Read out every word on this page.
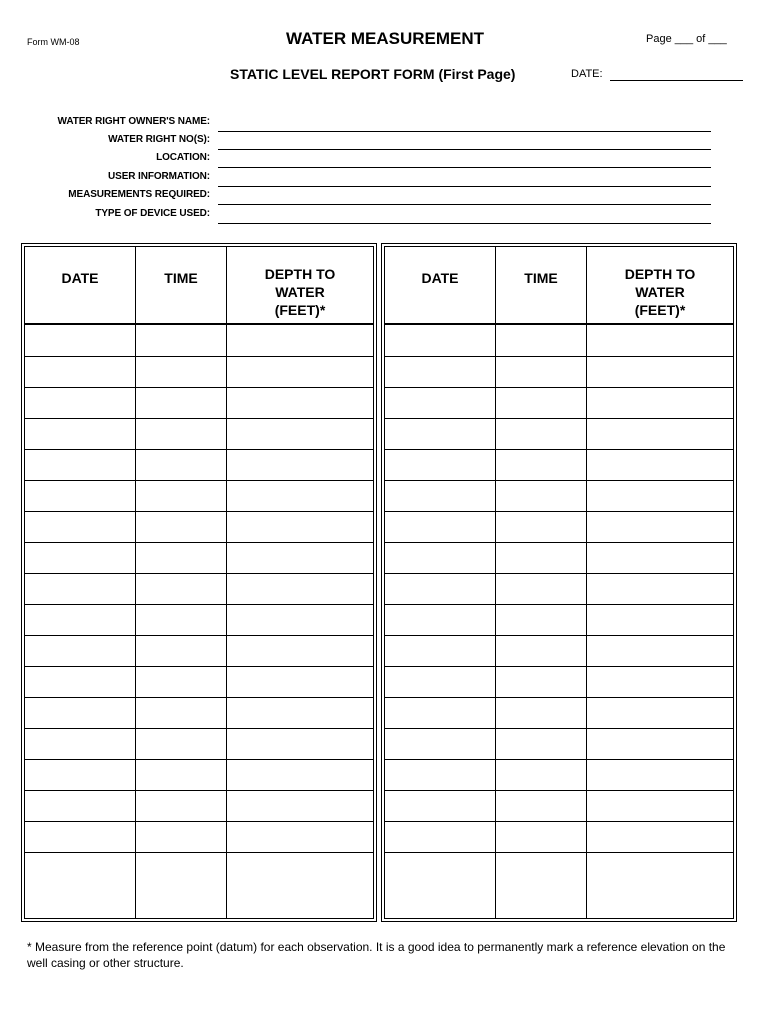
Form WM-08	WATER MEASUREMENT	Page ___ of ___
STATIC LEVEL REPORT FORM (First Page)	DATE:
WATER RIGHT OWNER'S NAME:
WATER RIGHT NO(S):
LOCATION:
USER INFORMATION:
MEASUREMENTS REQUIRED:
TYPE OF DEVICE USED:
DATE	TIME	DEPTH TO
WATER
(FEET)*
DATE	TIME	DEPTH TO
WATER
(FEET)*
* Measure from the reference point (datum) for each observation. It is a good idea to permanently mark a reference elevation on the well casing or other structure.
